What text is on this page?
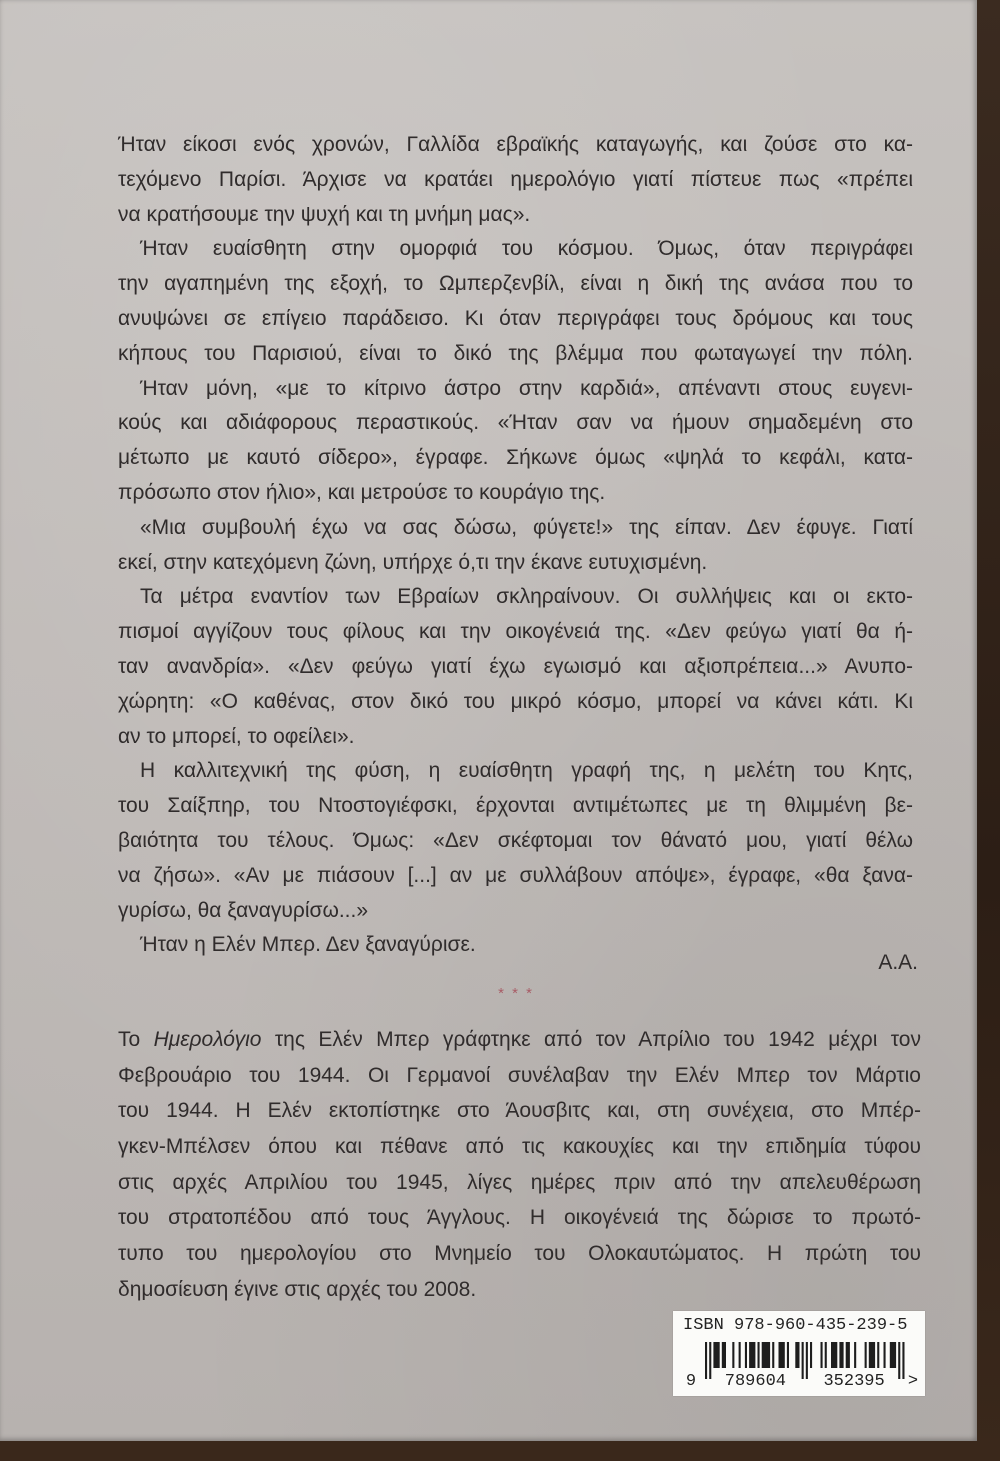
Ήταν είκοσι ενός χρονών, Γαλλίδα εβραϊκής καταγωγής, και ζούσε στο κα-
τεχόμενο Παρίσι. Άρχισε να κρατάει ημερολόγιο γιατί πίστευε πως «πρέπει
να κρατήσουμε την ψυχή και τη μνήμη μας».
Ήταν ευαίσθητη στην ομορφιά του κόσμου. Όμως, όταν περιγράφει
την αγαπημένη της εξοχή, το Ωμπερζενβίλ, είναι η δική της ανάσα που το
ανυψώνει σε επίγειο παράδεισο. Κι όταν περιγράφει τους δρόμους και τους
κήπους του Παρισιού, είναι το δικό της βλέμμα που φωταγωγεί την πόλη.
Ήταν μόνη, «με το κίτρινο άστρο στην καρδιά», απέναντι στους ευγενι-
κούς και αδιάφορους περαστικούς. «Ήταν σαν να ήμουν σημαδεμένη στο
μέτωπο με καυτό σίδερο», έγραφε. Σήκωνε όμως «ψηλά το κεφάλι, κατα-
πρόσωπο στον ήλιο», και μετρούσε το κουράγιο της.
«Μια συμβουλή έχω να σας δώσω, φύγετε!» της είπαν. Δεν έφυγε. Γιατί
εκεί, στην κατεχόμενη ζώνη, υπήρχε ό,τι την έκανε ευτυχισμένη.
Τα μέτρα εναντίον των Εβραίων σκληραίνουν. Οι συλλήψεις και οι εκτο-
πισμοί αγγίζουν τους φίλους και την οικογένειά της. «Δεν φεύγω γιατί θα ή-
ταν ανανδρία». «Δεν φεύγω γιατί έχω εγωισμό και αξιοπρέπεια...» Ανυπο-
χώρητη: «Ο καθένας, στον δικό του μικρό κόσμο, μπορεί να κάνει κάτι. Κι
αν το μπορεί, το οφείλει».
Η καλλιτεχνική της φύση, η ευαίσθητη γραφή της, η μελέτη του Κητς,
του Σαίξπηρ, του Ντοστογιέφσκι, έρχονται αντιμέτωπες με τη θλιμμένη βε-
βαιότητα του τέλους. Όμως: «Δεν σκέφτομαι τον θάνατό μου, γιατί θέλω
να ζήσω». «Αν με πιάσουν [...] αν με συλλάβουν απόψε», έγραφε, «θα ξανα-
γυρίσω, θα ξαναγυρίσω...»
Ήταν η Ελέν Μπερ. Δεν ξαναγύρισε.
Α.Α.
* * *
Το Ημερολόγιο της Ελέν Μπερ γράφτηκε από τον Απρίλιο του 1942 μέχρι τον
Φεβρουάριο του 1944. Οι Γερμανοί συνέλαβαν την Ελέν Μπερ τον Μάρτιο
του 1944. Η Ελέν εκτοπίστηκε στο Άουσβιτς και, στη συνέχεια, στο Μπέρ-
γκεν-Μπέλσεν όπου και πέθανε από τις κακουχίες και την επιδημία τύφου
στις αρχές Απριλίου του 1945, λίγες ημέρες πριν από την απελευθέρωση
του στρατοπέδου από τους Άγγλους. Η οικογένειά της δώρισε το πρωτό-
τυπο του ημερολογίου στο Μνημείο του Ολοκαυτώματος. Η πρώτη του
δημοσίευση έγινε στις αρχές του 2008.
ISBN 978-960-435-239-5
9 789604 352395 >
